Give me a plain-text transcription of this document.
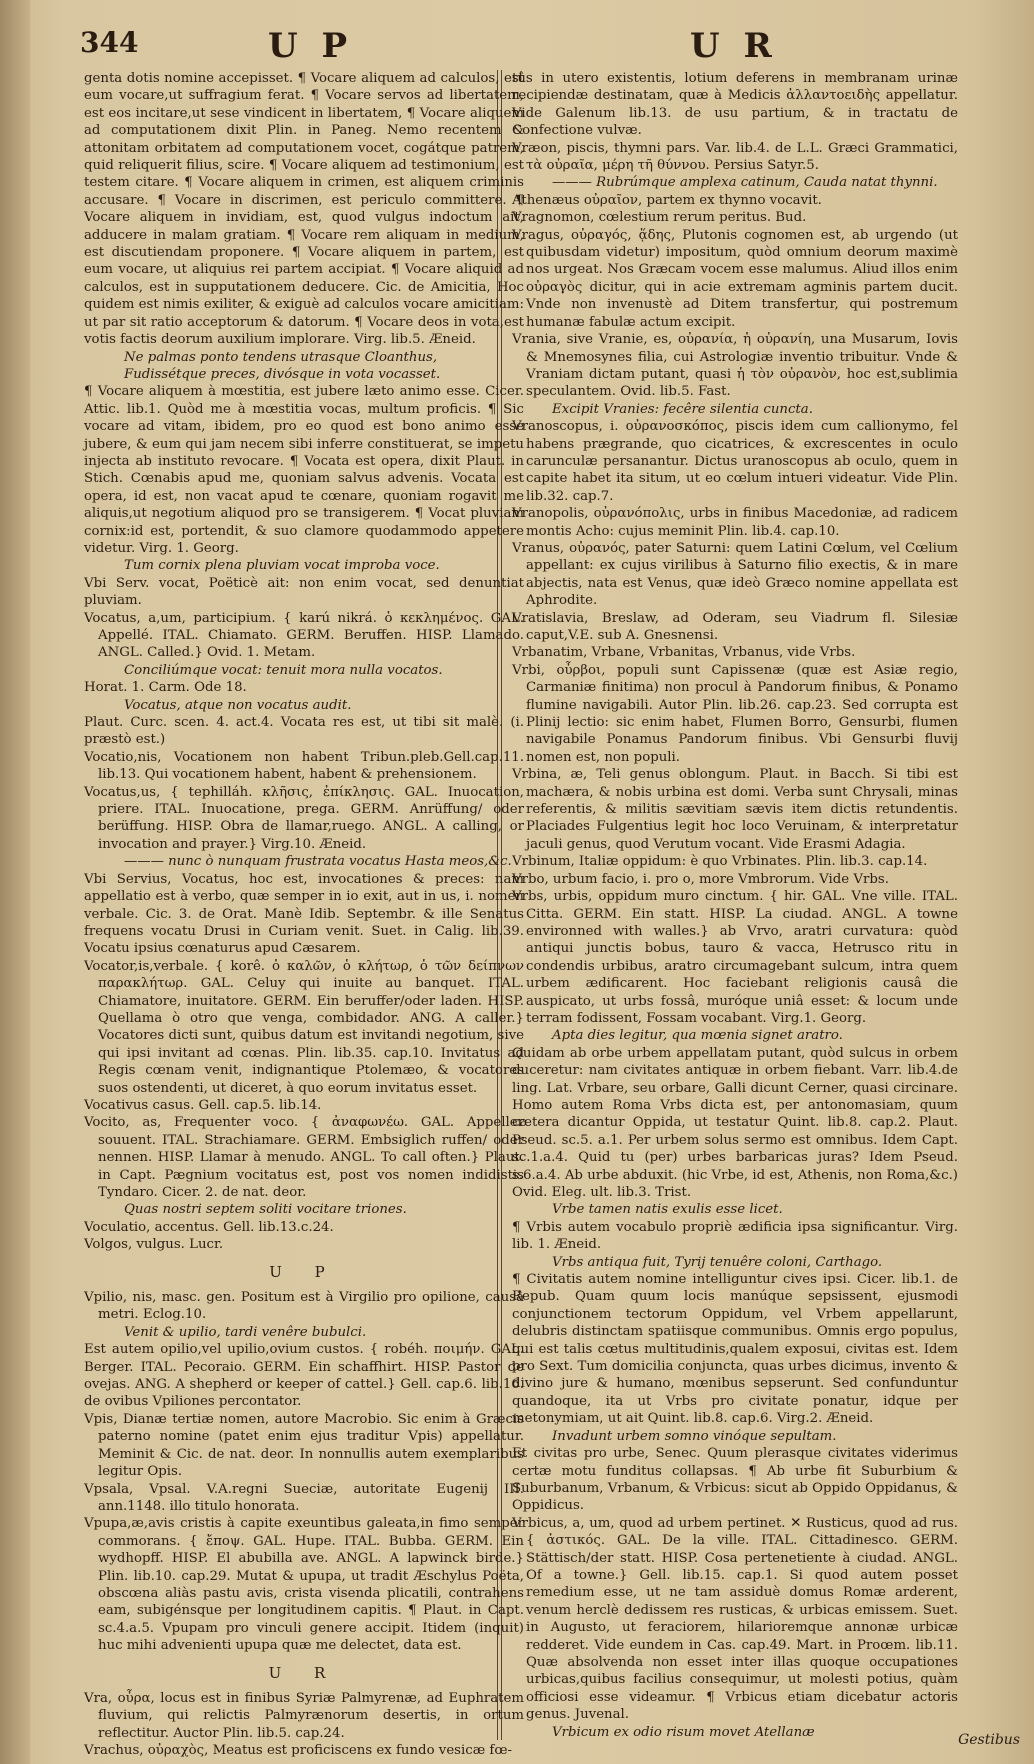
344	U P	U R

genta dotis nomine accepisset. ¶ Vocare aliquem ad calculos, est eum vocare,ut suffragium ferat. ¶ Vocare servos ad libertatem, est eos incitare,ut sese vindicent in libertatem, ¶ Vocare aliquem ad computationem dixit Plin. in Paneg. Nemo recentem & attonitam orbitatem ad computationem vocet, cogátque patrem, quid reliquerit filius, scire. ¶ Vocare aliquem ad testimonium, est testem citare. ¶ Vocare aliquem in crimen, est aliquem criminis accusare. ¶ Vocare in discrimen, est periculo committere. ¶ Vocare aliquem in invidiam, est, quod vulgus indoctum ait, adducere in malam gratiam. ¶ Vocare rem aliquam in medium, est discutiendam proponere. ¶ Vocare aliquem in partem, est eum vocare, ut aliquius rei partem accipiat. ¶ Vocare aliquid ad calculos, est in supputationem deducere. Cic. de Amicitia, Hoc quidem est nimis exiliter, & exiguè ad calculos vocare amicitiam: ut par sit ratio acceptorum & datorum. ¶ Vocare deos in vota,est votis factis deorum auxilium implorare. Virg. lib.5. Æneid.

Ne palmas ponto tendens utrasque Cloanthus,

Fudissétque preces, divósque in vota vocasset.

¶ Vocare aliquem à mœstitia, est jubere læto animo esse. Cicer. Attic. lib.1. Quòd me à mœstitia vocas, multum proficis. ¶ Sic vocare ad vitam, ibidem, pro eo quod est bono animo esse jubere, & eum qui jam necem sibi inferre constituerat, se impetu injecta ab instituto revocare. ¶ Vocata est opera, dixit Plaut. in Stich. Cœnabis apud me, quoniam salvus advenis. Vocata est opera, id est, non vacat apud te cœnare, quoniam rogavit me aliquis,ut negotium aliquod pro se transigerem. ¶ Vocat pluviam cornix:id est, portendit, & suo clamore quodammodo appetere videtur. Virg. 1. Georg.

Tum cornix plena pluviam vocat improba voce.

Vbi Serv. vocat, Poëticè ait: non enim vocat, sed denuntiat pluviam.

Vocatus, a,um, participium. { karú nikrá. ὁ κεκλημένος. GAL. Appellé. ITAL. Chiamato. GERM. Beruffen. HISP. Llamado. ANGL. Called.} Ovid. 1. Metam.

Conciliúmque vocat: tenuit mora nulla vocatos.

Horat. 1. Carm. Ode 18.

Vocatus, atque non vocatus audit.

Plaut. Curc. scen. 4. act.4. Vocata res est, ut tibi sit malè. (i. præstò est.)

Vocatio,nis, Vocationem non habent Tribun.pleb.Gell.cap.11. lib.13. Qui vocationem habent, habent & prehensionem.

Vocatus,us, { tephilláh. κλῆσις, ἐπίκλησις. GAL. Inuocation, priere. ITAL. Inuocatione, prega. GERM. Anrüffung/ oder berüffung. HISP. Obra de llamar,ruego. ANGL. A calling, or invocation and prayer.} Virg.10. Æneid.

——— nunc ò nunquam frustrata vocatus Hasta meos,&c.

Vbi Servius, Vocatus, hoc est, invocationes & preces: nam appellatio est à verbo, quæ semper in io exit, aut in us, i. nomen verbale. Cic. 3. de Orat. Manè Idib. Septembr. & ille Senatus frequens vocatu Drusi in Curiam venit. Suet. in Calig. lib.39. Vocatu ipsius cœnaturus apud Cæsarem.

Vocator,is,verbale. { korê. ὁ καλῶν, ὁ κλήτωρ, ὁ τῶν δείπνων παρακλήτωρ. GAL. Celuy qui inuite au banquet. ITAL. Chiamatore, inuitatore. GERM. Ein beruffer/oder laden. HISP. Quellama ò otro que venga, combidador. ANG. A caller.} Vocatores dicti sunt, quibus datum est invitandi negotium, sive qui ipsi invitant ad cœnas. Plin. lib.35. cap.10. Invitatus ad Regis cœnam venit, indignantique Ptolemæo, & vocatores suos ostendenti, ut diceret, à quo eorum invitatus esset.

Vocativus casus. Gell. cap.5. lib.14.

Vocito, as, Frequenter voco. { ἀναφωνέω. GAL. Appeller souuent. ITAL. Strachiamare. GERM. Embsiglich ruffen/ oder nennen. HISP. Llamar à menudo. ANGL. To call often.} Plaut. in Capt. Pægnium vocitatus est, post vos nomen indidistis Tyndaro. Cicer. 2. de nat. deor.

Quas nostri septem soliti vocitare triones.

Voculatio, accentus. Gell. lib.13.c.24.

Volgos, vulgus. Lucr.

U P

Vpilio, nis, masc. gen. Positum est à Virgilio pro opilione, causâ metri. Eclog.10.

Venit & upilio, tardi venêre bubulci.

Est autem opilio,vel upilio,ovium custos. { robéh. ποιμήν. GAL. Berger. ITAL. Pecoraio. GERM. Ein schaffhirt. HISP. Pastor de ovejas. ANG. A shepherd or keeper of cattel.} Gell. cap.6. lib.16. de ovibus Vpiliones percontator.

Vpis, Dianæ tertiæ nomen, autore Macrobio. Sic enim à Græcis paterno nomine (patet enim ejus traditur Vpis) appellatur. Meminit & Cic. de nat. deor. In nonnullis autem exemplaribus legitur Opis.

Vpsala, Vpsal. V.A.regni Sueciæ, autoritate Eugenij III. ann.1148. illo titulo honorata.

Vpupa,æ,avis cristis à capite exeuntibus galeata,in fimo semper commorans. { ἔποψ. GAL. Hupe. ITAL. Bubba. GERM. Ein wydhopff. HISP. El abubilla ave. ANGL. A lapwinck birde.} Plin. lib.10. cap.29. Mutat & upupa, ut tradit Æschylus Poëta, obscœna aliàs pastu avis, crista visenda plicatili, contrahens eam, subigénsque per longitudinem capitis. ¶ Plaut. in Capt. sc.4.a.5. Vpupam pro vinculi genere accipit. Itidem (inquit) huc mihi advenienti upupa quæ me delectet, data est.

U R

Vra, οὖρα, locus est in finibus Syriæ Palmyrenæ, ad Euphratem fluvium, qui relictis Palmyrænorum desertis, in ortum reflectitur. Auctor Plin. lib.5. cap.24.

Vrachus, οὐραχὸς, Meatus est proficiscens ex fundo vesicæ fœ-

tûs in utero existentis, lotium deferens in membranam urinæ recipiendæ destinatam, quæ à Medicis ἀλλαντοειδὴς appellatur. Vide Galenum lib.13. de usu partium, & in tractatu de Confectione vulvæ.

Vræon, piscis, thymni pars. Var. lib.4. de L.L. Græci Grammatici, τὰ οὐραῖα, μέρη τῆ θύννου. Persius Satyr.5.

——— Rubrúmque amplexa catinum, Cauda natat thynni.

Athenæus οὐραῖον, partem ex thynno vocavit.

Vragnomon, cœlestium rerum peritus. Bud.

Vragus, οὐραγός, ᾅδης, Plutonis cognomen est, ab urgendo (ut quibusdam videtur) impositum, quòd omnium deorum maximè nos urgeat. Nos Græcam vocem esse malumus. Aliud illos enim οὐραγὸς dicitur, qui in acie extremam agminis partem ducit. Vnde non invenustè ad Ditem transfertur, qui postremum humanæ fabulæ actum excipit.

Vrania, sive Vranie, es, οὐρανία, ἡ οὐρανίη, una Musarum, Iovis & Mnemosynes filia, cui Astrologiæ inventio tribuitur. Vnde & Vraniam dictam putant, quasi ἡ τὸν οὐρανὸν, hoc est,sublimia speculantem. Ovid. lib.5. Fast.

Excipit Vranies: fecêre silentia cuncta.

Vranoscopus, i. οὐρανοσκόπος, piscis idem cum callionymo, fel habens prægrande, quo cicatrices, & excrescentes in oculo carunculæ persanantur. Dictus uranoscopus ab oculo, quem in capite habet ita situm, ut eo cœlum intueri videatur. Vide Plin. lib.32. cap.7.

Vranopolis, οὐρανόπολις, urbs in finibus Macedoniæ, ad radicem montis Acho: cujus meminit Plin. lib.4. cap.10.

Vranus, οὐρανός, pater Saturni: quem Latini Cœlum, vel Cœlium appellant: ex cujus virilibus à Saturno filio exectis, & in mare abjectis, nata est Venus, quæ ideò Græco nomine appellata est Aphrodite.

Vratislavia, Breslaw, ad Oderam, seu Viadrum fl. Silesiæ caput,V.E. sub A. Gnesnensi.

Vrbanatim, Vrbane, Vrbanitas, Vrbanus, vide Vrbs.

Vrbi, οὖρβοι, populi sunt Capissenæ (quæ est Asiæ regio, Carmaniæ finitima) non procul à Pandorum finibus, & Ponamo flumine navigabili. Autor Plin. lib.26. cap.23. Sed corrupta est Plinij lectio: sic enim habet, Flumen Borro, Gensurbi, flumen navigabile Ponamus Pandorum finibus. Vbi Gensurbi fluvij nomen est, non populi.

Vrbina, æ, Teli genus oblongum. Plaut. in Bacch. Si tibi est machæra, & nobis urbina est domi. Verba sunt Chrysali, minas referentis, & militis sævitiam sævis item dictis retundentis. Placiades Fulgentius legit hoc loco Veruinam, & interpretatur jaculi genus, quod Verutum vocant. Vide Erasmi Adagia.

Vrbinum, Italiæ oppidum: è quo Vrbinates. Plin. lib.3. cap.14.

Vrbo, urbum facio, i. pro o, more Vmbrorum. Vide Vrbs.

Vrbs, urbis, oppidum muro cinctum. { hir. GAL. Vne ville. ITAL. Citta. GERM. Ein statt. HISP. La ciudad. ANGL. A towne environned with walles.} ab Vrvo, aratri curvatura: quòd antiqui junctis bobus, tauro & vacca, Hetrusco ritu in condendis urbibus, aratro circumagebant sulcum, intra quem urbem ædificarent. Hoc faciebant religionis causâ die auspicato, ut urbs fossâ, muróque uniâ esset: & locum unde terram fodissent, Fossam vocabant. Virg.1. Georg.

Apta dies legitur, qua mœnia signet aratro.

Quidam ab orbe urbem appellatam putant, quòd sulcus in orbem duceretur: nam civitates antiquæ in orbem fiebant. Varr. lib.4.de ling. Lat. Vrbare, seu orbare, Galli dicunt Cerner, quasi circinare. Homo autem Roma Vrbs dicta est, per antonomasiam, quum cætera dicantur Oppida, ut testatur Quint. lib.8. cap.2. Plaut. Pseud. sc.5. a.1. Per urbem solus sermo est omnibus. Idem Capt. sc.1.a.4. Quid tu (per) urbes barbaricas juras? Idem Pseud. s.6.a.4. Ab urbe abduxit. (hic Vrbe, id est, Athenis, non Roma,&c.) Ovid. Eleg. ult. lib.3. Trist.

Vrbe tamen natis exulis esse licet.

¶ Vrbis autem vocabulo propriè ædificia ipsa significantur. Virg. lib. 1. Æneid.

Vrbs antiqua fuit, Tyrij tenuêre coloni, Carthago.

¶ Civitatis autem nomine intelliguntur cives ipsi. Cicer. lib.1. de Repub. Quam quum locis manúque sepsissent, ejusmodi conjunctionem tectorum Oppidum, vel Vrbem appellarunt, delubris distinctam spatiisque communibus. Omnis ergo populus, qui est talis cœtus multitudinis,qualem exposui, civitas est. Idem pro Sext. Tum domicilia conjuncta, quas urbes dicimus, invento & divino jure & humano, mœnibus sepserunt. Sed confunduntur quandoque, ita ut Vrbs pro civitate ponatur, idque per metonymiam, ut ait Quint. lib.8. cap.6. Virg.2. Æneid.

Invadunt urbem somno vinóque sepultam.

Et civitas pro urbe, Senec. Quum plerasque civitates viderimus certæ motu funditus collapsas. ¶ Ab urbe fit Suburbium & Suburbanum, Vrbanum, & Vrbicus: sicut ab Oppido Oppidanus, & Oppidicus.

Vrbicus, a, um, quod ad urbem pertinet. ✕ Rusticus, quod ad rus. { ἀστικός. GAL. De la ville. ITAL. Cittadinesco. GERM. Stättisch/der statt. HISP. Cosa pertenetiente à ciudad. ANGL. Of a towne.} Gell. lib.15. cap.1. Si quod autem posset remedium esse, ut ne tam assiduè domus Romæ arderent, venum herclè dedissem res rusticas, & urbicas emissem. Suet. in Augusto, ut feraciorem, hilarioremque annonæ urbicæ redderet. Vide eundem in Cas. cap.49. Mart. in Proœm. lib.11. Quæ absolvenda non esset inter illas quoque occupationes urbicas,quibus facilius consequimur, ut molesti potius, quàm officiosi esse videamur. ¶ Vrbicus etiam dicebatur actoris genus. Juvenal.

Vrbicum ex odio risum movet Atellanæ	Gestibus
